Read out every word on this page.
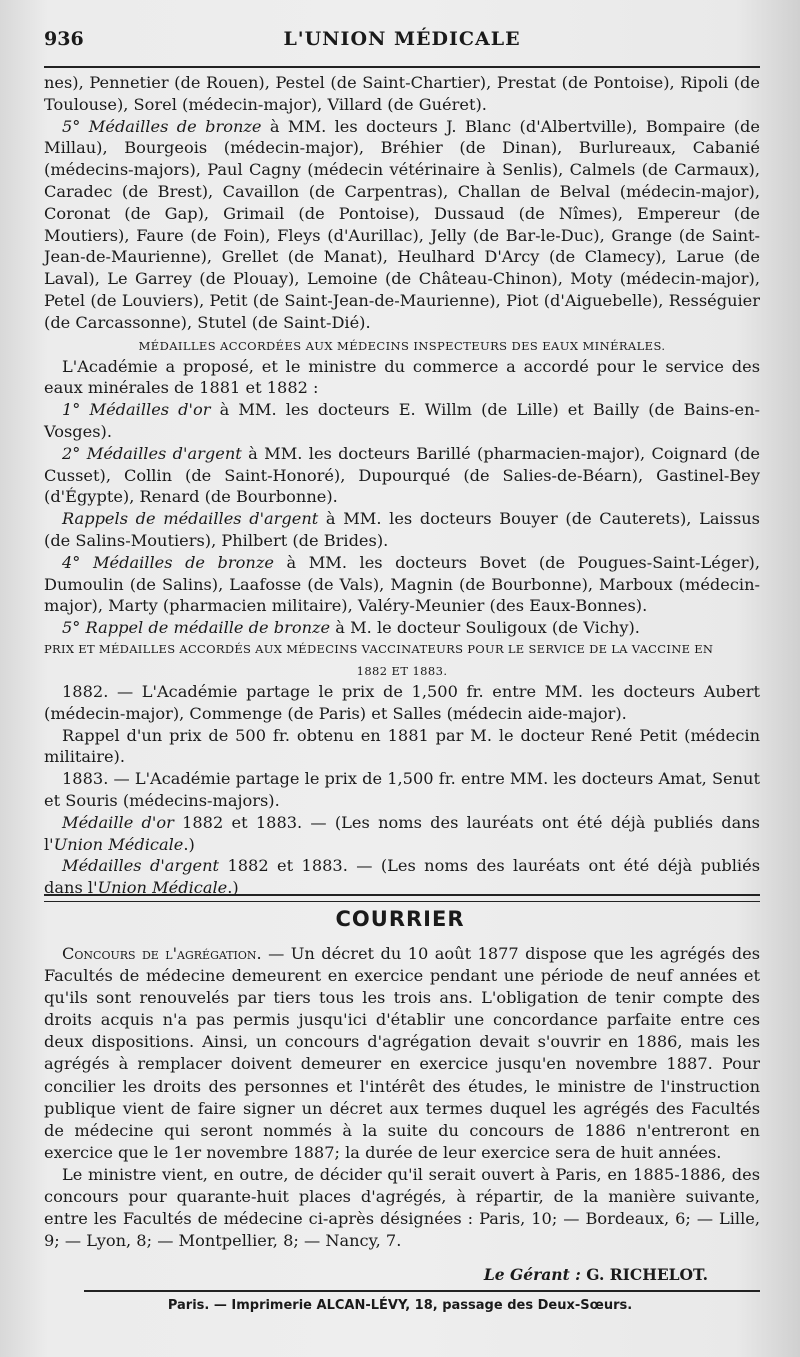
936	L'UNION MÉDICALE

nes), Pennetier (de Rouen), Pestel (de Saint-Chartier), Prestat (de Pontoise), Ripoli (de Toulouse), Sorel (médecin-major), Villard (de Guéret).

5° Médailles de bronze à MM. les docteurs J. Blanc (d'Albertville), Bompaire (de Millau), Bourgeois (médecin-major), Bréhier (de Dinan), Burlureaux, Cabanié (médecins-majors), Paul Cagny (médecin vétérinaire à Senlis), Calmels (de Carmaux), Caradec (de Brest), Cavaillon (de Carpentras), Challan de Belval (médecin-major), Coronat (de Gap), Grimail (de Pontoise), Dussaud (de Nîmes), Empereur (de Moutiers), Faure (de Foin), Fleys (d'Aurillac), Jelly (de Bar-le-Duc), Grange (de Saint-Jean-de-Maurienne), Grellet (de Manat), Heulhard D'Arcy (de Clamecy), Larue (de Laval), Le Garrey (de Plouay), Lemoine (de Château-Chinon), Moty (médecin-major), Petel (de Louviers), Petit (de Saint-Jean-de-Maurienne), Piot (d'Aiguebelle), Rességuier (de Carcassonne), Stutel (de Saint-Dié).

MÉDAILLES ACCORDÉES AUX MÉDECINS INSPECTEURS DES EAUX MINÉRALES.

L'Académie a proposé, et le ministre du commerce a accordé pour le service des eaux minérales de 1881 et 1882 :

1° Médailles d'or à MM. les docteurs E. Willm (de Lille) et Bailly (de Bains-en-Vosges).

2° Médailles d'argent à MM. les docteurs Barillé (pharmacien-major), Coignard (de Cusset), Collin (de Saint-Honoré), Dupourqué (de Salies-de-Béarn), Gastinel-Bey (d'Égypte), Renard (de Bourbonne).

Rappels de médailles d'argent à MM. les docteurs Bouyer (de Cauterets), Laissus (de Salins-Moutiers), Philbert (de Brides).

4° Médailles de bronze à MM. les docteurs Bovet (de Pougues-Saint-Léger), Dumoulin (de Salins), Laafosse (de Vals), Magnin (de Bourbonne), Marboux (médecin-major), Marty (pharmacien militaire), Valéry-Meunier (des Eaux-Bonnes).

5° Rappel de médaille de bronze à M. le docteur Souligoux (de Vichy).

PRIX ET MÉDAILLES ACCORDÉS AUX MÉDECINS VACCINATEURS POUR LE SERVICE DE LA VACCINE EN
1882 ET 1883.

1882. — L'Académie partage le prix de 1,500 fr. entre MM. les docteurs Aubert (médecin-major), Commenge (de Paris) et Salles (médecin aide-major).

Rappel d'un prix de 500 fr. obtenu en 1881 par M. le docteur René Petit (médecin militaire).

1883. — L'Académie partage le prix de 1,500 fr. entre MM. les docteurs Amat, Senut et Souris (médecins-majors).

Médaille d'or 1882 et 1883. — (Les noms des lauréats ont été déjà publiés dans l'Union Médicale.)

Médailles d'argent 1882 et 1883. — (Les noms des lauréats ont été déjà publiés dans l'Union Médicale.)

COURRIER

Concours de l'agrégation. — Un décret du 10 août 1877 dispose que les agrégés des Facultés de médecine demeurent en exercice pendant une période de neuf années et qu'ils sont renouvelés par tiers tous les trois ans. L'obligation de tenir compte des droits acquis n'a pas permis jusqu'ici d'établir une concordance parfaite entre ces deux dispositions. Ainsi, un concours d'agrégation devait s'ouvrir en 1886, mais les agrégés à remplacer doivent demeurer en exercice jusqu'en novembre 1887. Pour concilier les droits des personnes et l'intérêt des études, le ministre de l'instruction publique vient de faire signer un décret aux termes duquel les agrégés des Facultés de médecine qui seront nommés à la suite du concours de 1886 n'entreront en exercice que le 1er novembre 1887; la durée de leur exercice sera de huit années.

Le ministre vient, en outre, de décider qu'il serait ouvert à Paris, en 1885-1886, des concours pour quarante-huit places d'agrégés, à répartir, de la manière suivante, entre les Facultés de médecine ci-après désignées : Paris, 10; — Bordeaux, 6; — Lille, 9; — Lyon, 8; — Montpellier, 8; — Nancy, 7.

Le Gérant : G. RICHELOT.
Paris. — Imprimerie ALCAN-LÉVY, 18, passage des Deux-Sœurs.
